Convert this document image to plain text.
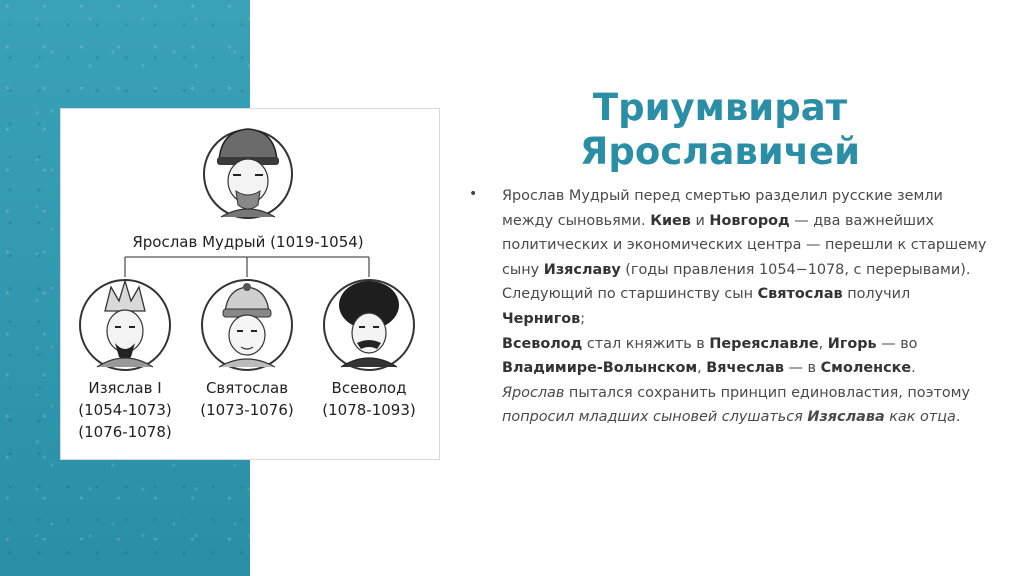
Ярослав Мудрый (1019-1054)
Изяслав I
(1054-1073)
(1076-1078)
Святослав
(1073-1076)
Всеволод
(1078-1093)
Триумвират
Ярославичей
• Ярослав Мудрый перед смертью разделил русские земли между сыновьями. Киев и Новгород — два важнейших политических и экономических центра — перешли к старшему сыну Изяславу (годы правления 1054−1078, с перерывами). Следующий по старшинству сын Святослав получил Чернигов;
Всеволод стал княжить в Переяславле, Игорь — во Владимире-Волынском, Вячеслав — в Смоленске.
Ярослав пытался сохранить принцип единовластия, поэтому попросил младших сыновей слушаться Изяслава как отца.
